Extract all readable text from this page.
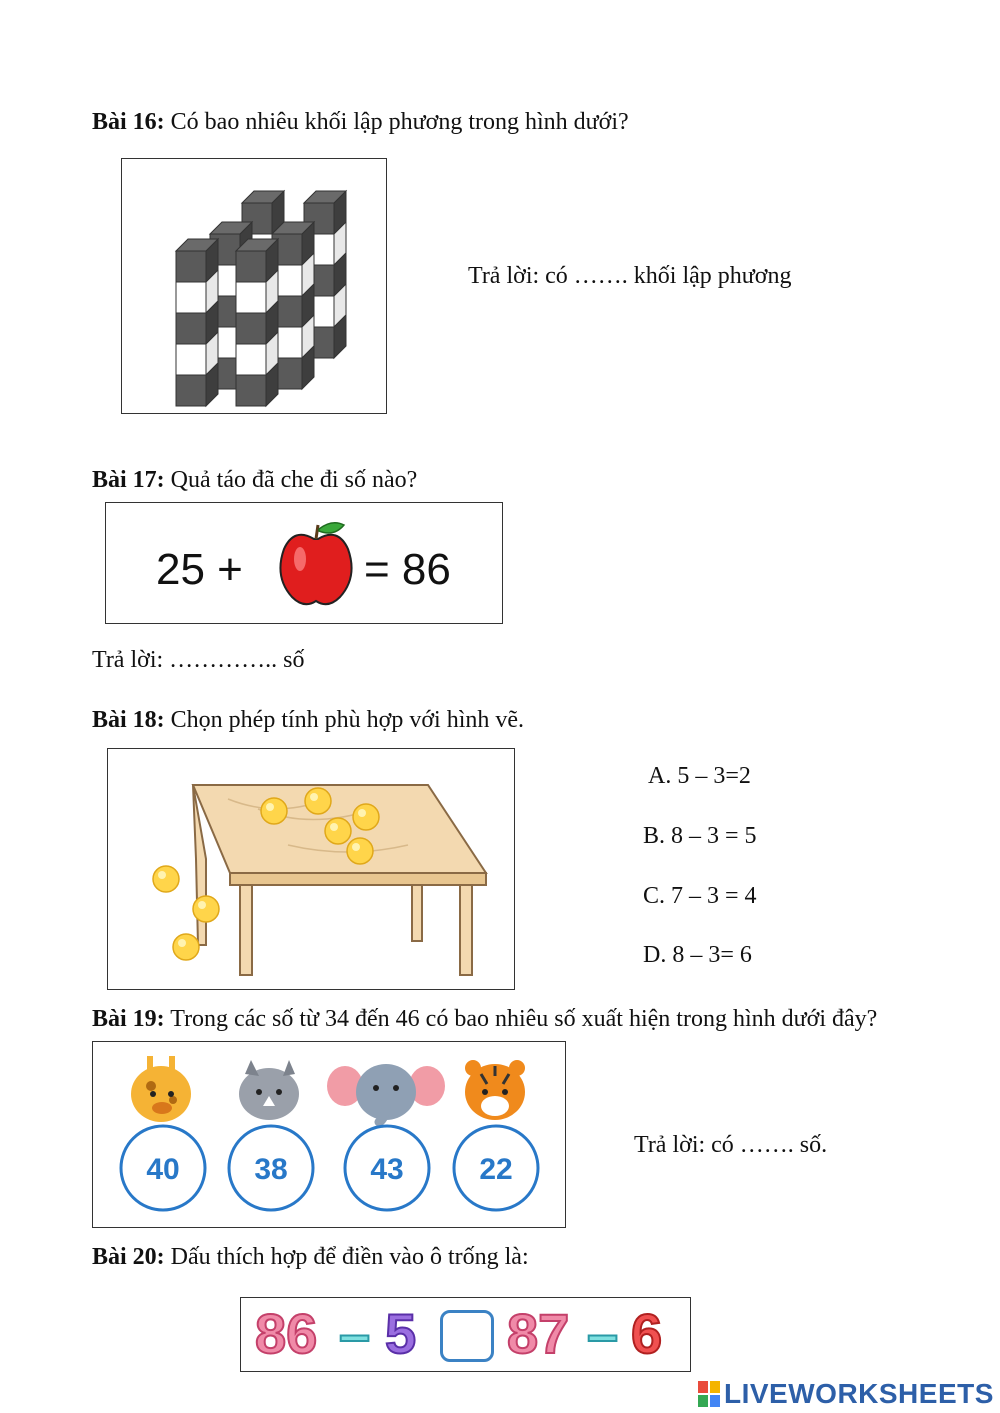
Bài 16: Có bao nhiêu khối lập phương trong hình dưới?
Trả lời: có ……. khối lập phương
Bài 17: Quả táo đã che đi số nào?
25 +	= 86
Trả lời: ………….. số
Bài 18: Chọn phép tính phù hợp với hình vẽ.
A. 5 – 3=2
B. 8 – 3 = 5
C. 7 – 3 = 4
D. 8 – 3= 6
Bài 19: Trong các số từ 34 đến 46 có bao nhiêu số xuất hiện trong hình dưới đây?
40 38	43	22
Trả lời: có ……. số.
Bài 20: Dấu thích hợp để điền vào ô trống là:
86 – 5 87 – 6
LIVEWORKSHEETS
